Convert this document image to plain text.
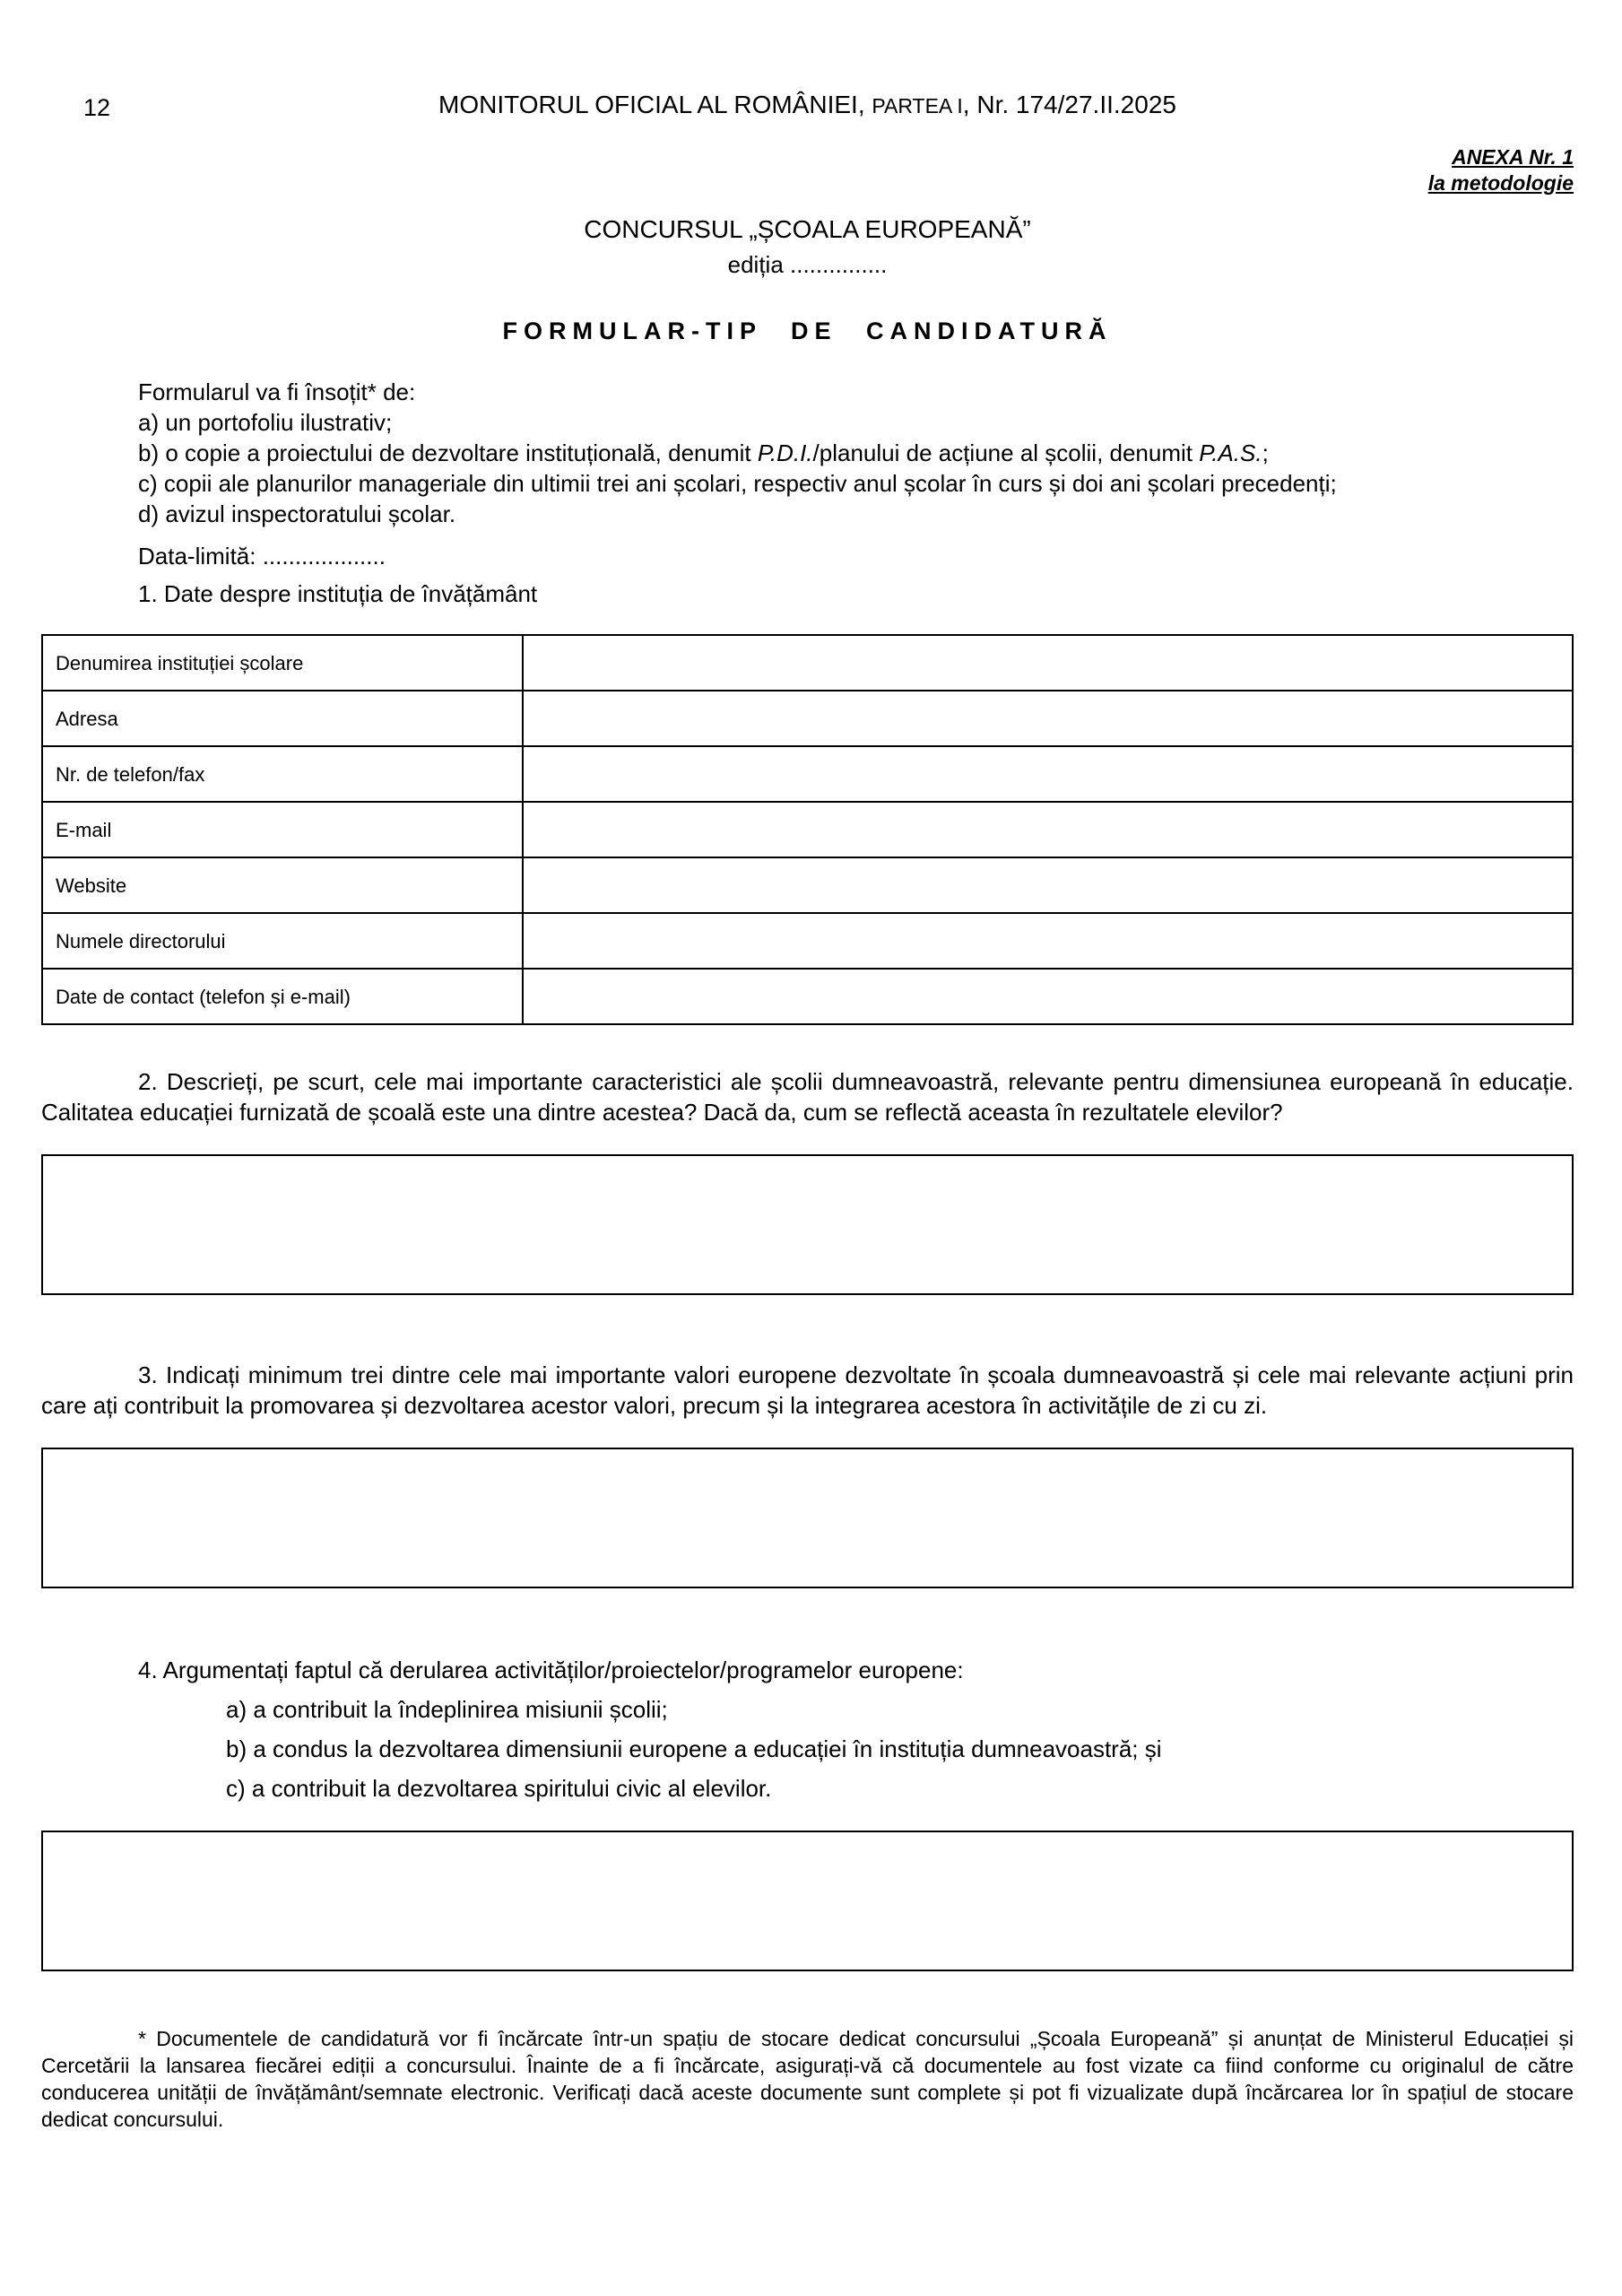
12	MONITORUL OFICIAL AL ROMÂNIEI, PARTEA I, Nr. 174/27.II.2025
ANEXA Nr. 1
la metodologie
CONCURSUL „ȘCOALA EUROPEANĂ”
ediția ...............
FORMULAR-TIP DE CANDIDATURĂ
Formularul va fi însoțit* de:
a) un portofoliu ilustrativ;
b) o copie a proiectului de dezvoltare instituțională, denumit P.D.I./planului de acțiune al școlii, denumit P.A.S.;
c) copii ale planurilor manageriale din ultimii trei ani școlari, respectiv anul școlar în curs și doi ani școlari precedenți;
d) avizul inspectoratului școlar.
Data-limită: ...................
1. Date despre instituția de învățământ
Denumirea instituției școlare	
Adresa	
Nr. de telefon/fax	
E-mail	
Website	
Numele directorului	
Date de contact (telefon și e-mail)	
2. Descrieți, pe scurt, cele mai importante caracteristici ale școlii dumneavoastră, relevante pentru dimensiunea europeană în educație. Calitatea educației furnizată de școală este una dintre acestea? Dacă da, cum se reflectă aceasta în rezultatele elevilor?
3. Indicați minimum trei dintre cele mai importante valori europene dezvoltate în școala dumneavoastră și cele mai relevante acțiuni prin care ați contribuit la promovarea și dezvoltarea acestor valori, precum și la integrarea acestora în activitățile de zi cu zi.
4. Argumentați faptul că derularea activităților/proiectelor/programelor europene:
a) a contribuit la îndeplinirea misiunii școlii;
b) a condus la dezvoltarea dimensiunii europene a educației în instituția dumneavoastră; și
c) a contribuit la dezvoltarea spiritului civic al elevilor.
* Documentele de candidatură vor fi încărcate într-un spațiu de stocare dedicat concursului „Școala Europeană” și anunțat de Ministerul Educației și Cercetării la lansarea fiecărei ediții a concursului. Înainte de a fi încărcate, asigurați-vă că documentele au fost vizate ca fiind conforme cu originalul de către conducerea unității de învățământ/semnate electronic. Verificați dacă aceste documente sunt complete și pot fi vizualizate după încărcarea lor în spațiul de stocare dedicat concursului.
